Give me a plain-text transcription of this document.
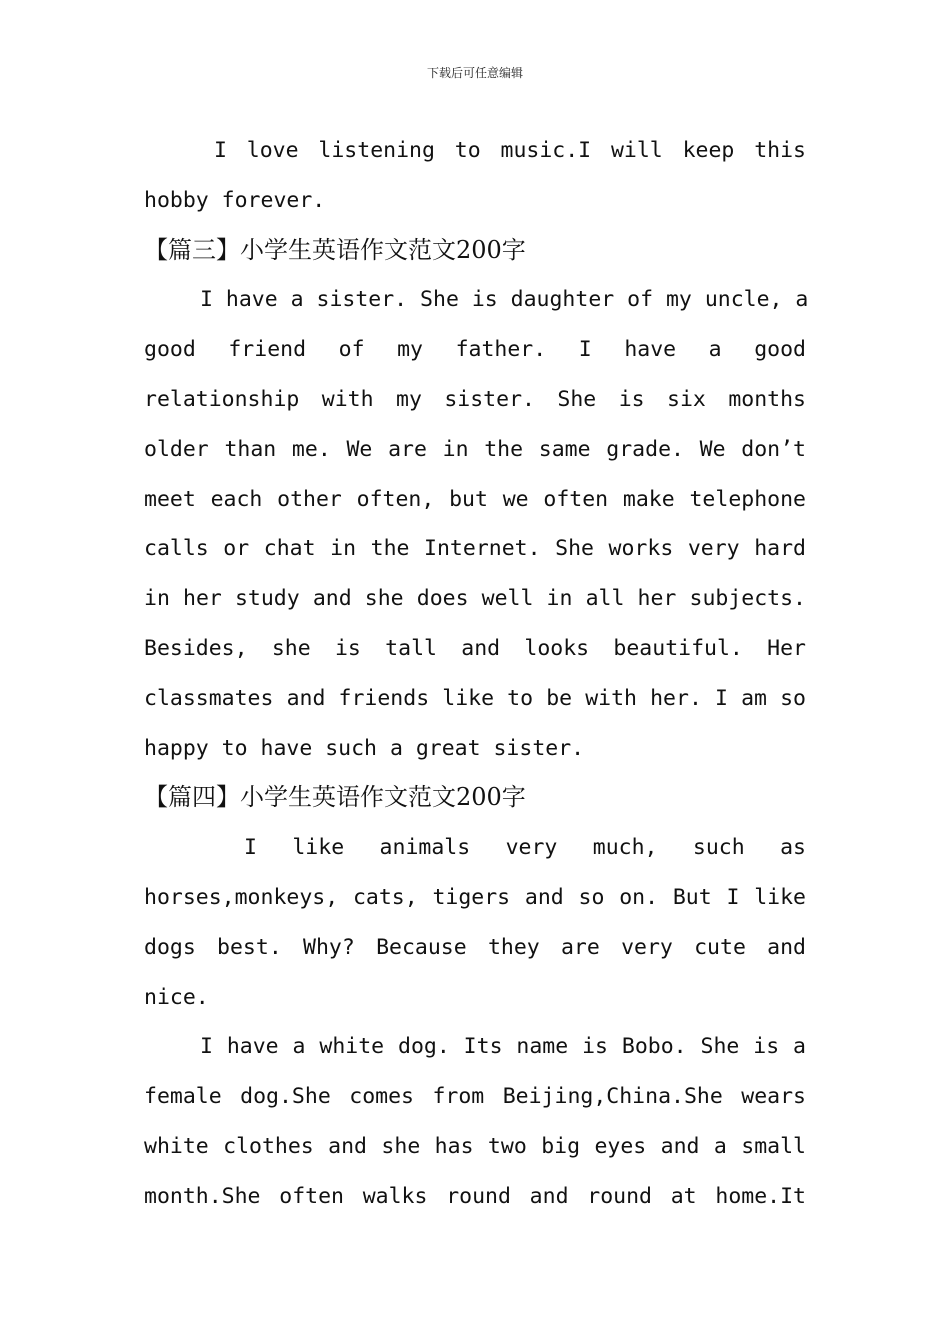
下载后可任意编辑
I love listening to music.I will keep this
hobby forever.
【篇三】小学生英语作文范文200字
I have a sister. She is daughter of my uncle, a
good friend of my father. I have a good
relationship with my sister. She is six months
older than me. We are in the same grade. We don’t
meet each other often, but we often make telephone
calls or chat in the Internet. She works very hard
in her study and she does well in all her subjects.
Besides, she is tall and looks beautiful. Her
classmates and friends like to be with her. I am so
happy to have such a great sister.
【篇四】小学生英语作文范文200字
I like animals very much, such as
horses,monkeys, cats, tigers and so on. But I like
dogs best. Why? Because they are very cute and
nice.
I have a white dog. Its name is Bobo. She is a
female dog.She comes from Beijing,China.She wears
white clothes and she has two big eyes and a small
month.She often walks round and round at home.It
